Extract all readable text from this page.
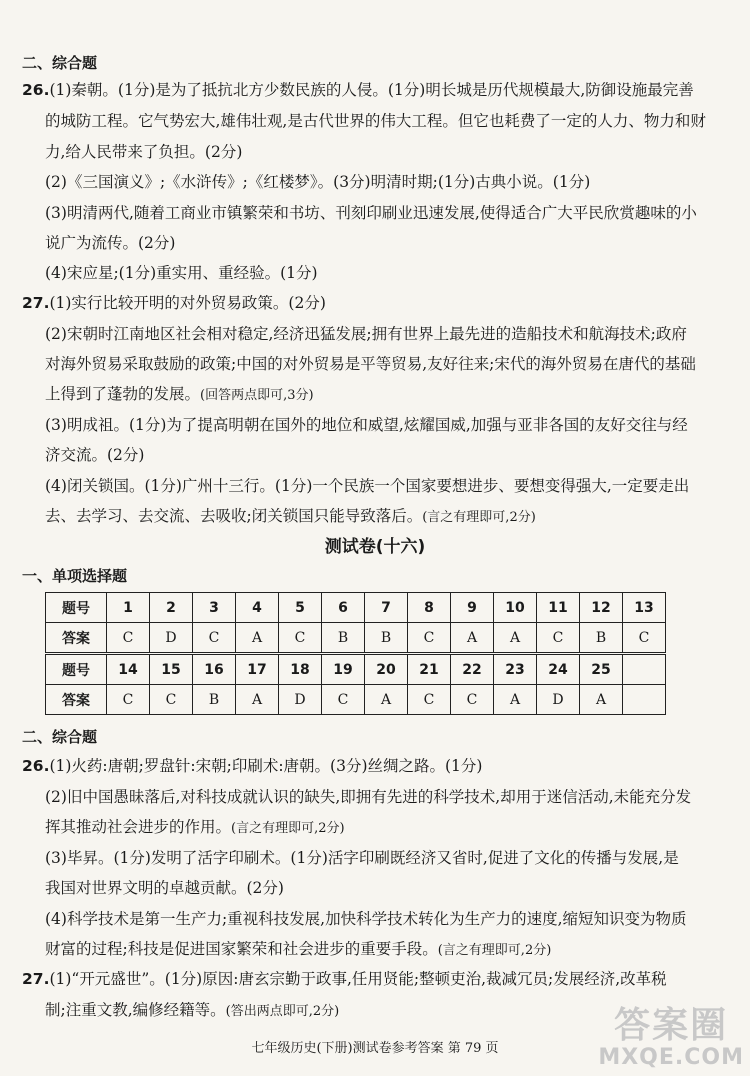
二、综合题
26.(1)秦朝。(1分)是为了抵抗北方少数民族的人侵。(1分)明长城是历代规模最大,防御设施最完善
的城防工程。它气势宏大,雄伟壮观,是古代世界的伟大工程。但它也耗费了一定的人力、物力和财
力,给人民带来了负担。(2分)
(2)《三国演义》;《水浒传》;《红楼梦》。(3分)明清时期;(1分)古典小说。(1分)
(3)明清两代,随着工商业市镇繁荣和书坊、刊刻印刷业迅速发展,使得适合广大平民欣赏趣味的小
说广为流传。(2分)
(4)宋应星;(1分)重实用、重经验。(1分)
27.(1)实行比较开明的对外贸易政策。(2分)
(2)宋朝时江南地区社会相对稳定,经济迅猛发展;拥有世界上最先进的造船技术和航海技术;政府
对海外贸易采取鼓励的政策;中国的对外贸易是平等贸易,友好往来;宋代的海外贸易在唐代的基础
上得到了蓬勃的发展。(回答两点即可,3分)
(3)明成祖。(1分)为了提高明朝在国外的地位和威望,炫耀国威,加强与亚非各国的友好交往与经
济交流。(2分)
(4)闭关锁国。(1分)广州十三行。(1分)一个民族一个国家要想进步、要想变得强大,一定要走出
去、去学习、去交流、去吸收;闭关锁国只能导致落后。(言之有理即可,2分)
测试卷(十六)
一、单项选择题
题号	1	2	3	4	5	6	7	8	9	10	11	12	13
答案	C	D	C	A	C	B	B	C	A	A	C	B	C
题号	14	15	16	17	18	19	20	21	22	23	24	25	
答案	C	C	B	A	D	C	A	C	C	A	D	A	
二、综合题
26.(1)火药:唐朝;罗盘针:宋朝;印刷术:唐朝。(3分)丝绸之路。(1分)
(2)旧中国愚昧落后,对科技成就认识的缺失,即拥有先进的科学技术,却用于迷信活动,未能充分发
挥其推动社会进步的作用。(言之有理即可,2分)
(3)毕昇。(1分)发明了活字印刷术。(1分)活字印刷既经济又省时,促进了文化的传播与发展,是
我国对世界文明的卓越贡献。(2分)
(4)科学技术是第一生产力;重视科技发展,加快科学技术转化为生产力的速度,缩短知识变为物质
财富的过程;科技是促进国家繁荣和社会进步的重要手段。(言之有理即可,2分)
27.(1)“开元盛世”。(1分)原因:唐玄宗勤于政事,任用贤能;整顿吏治,裁减冗员;发展经济,改革税
制;注重文教,编修经籍等。(答出两点即可,2分)
七年级历史(下册)测试卷参考答案 第 79 页
答案圈
MXQE.COM
